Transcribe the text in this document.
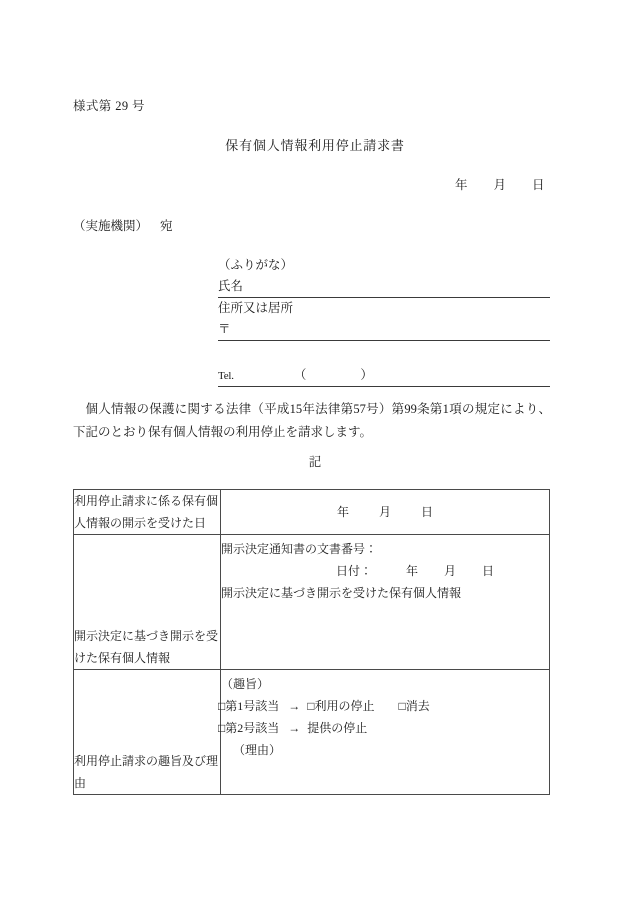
様式第 29 号
保有個人情報利用停止請求書
年 月 日
（実施機関） 宛
（ふりがな）
氏名
住所又は居所
〒
Tel.	（	）
個人情報の保護に関する法律（平成15年法律第57号）第99条第1項の規定により、下記のとおり保有個人情報の利用停止を請求します。
記
利用停止請求に係る保有個人情報の開示を受けた日	年 月 日
開示決定に基づき開示を受けた保有個人情報	開示決定通知書の文書番号：
日付： 年 月 日
開示決定に基づき開示を受けた保有個人情報

利用停止請求の趣旨及び理由	（趣旨）
□第1号該当 → □利用の停止 □消去
□第2号該当 → 提供の停止
（理由）
